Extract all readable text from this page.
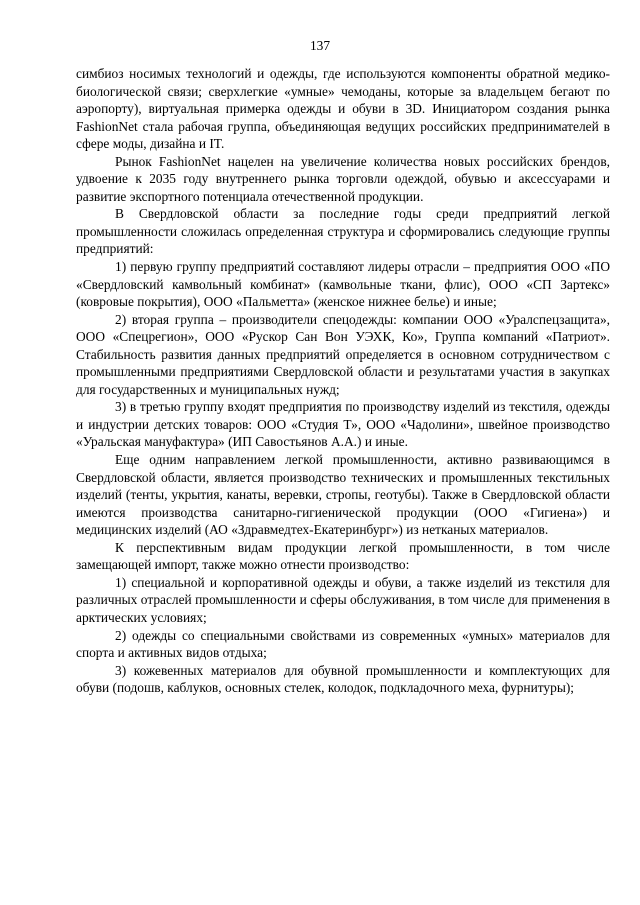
137

симбиоз носимых технологий и одежды, где используются компоненты обратной медико-биологической связи; сверхлегкие «умные» чемоданы, которые за владельцем бегают по аэропорту), виртуальная примерка одежды и обуви в 3D. Инициатором создания рынка FashionNet стала рабочая группа, объединяющая ведущих российских предпринимателей в сфере моды, дизайна и IT.

Рынок FashionNet нацелен на увеличение количества новых российских брендов, удвоение к 2035 году внутреннего рынка торговли одеждой, обувью и аксессуарами и развитие экспортного потенциала отечественной продукции.

В Свердловской области за последние годы среди предприятий легкой промышленности сложилась определенная структура и сформировались следующие группы предприятий:

1) первую группу предприятий составляют лидеры отрасли – предприятия ООО «ПО «Свердловский камвольный комбинат» (камвольные ткани, флис), ООО «СП Зартекс» (ковровые покрытия), ООО «Пальметта» (женское нижнее белье) и иные;

2) вторая группа – производители спецодежды: компании ООО «Уралспецзащита», ООО «Спецрегион», ООО «Рускор Сан Вон УЭХК, Ко», Группа компаний «Патриот». Стабильность развития данных предприятий определяется в основном сотрудничеством с промышленными предприятиями Свердловской области и результатами участия в закупках для государственных и муниципальных нужд;

3) в третью группу входят предприятия по производству изделий из текстиля, одежды и индустрии детских товаров: ООО «Студия Т», ООО «Чадолини», швейное производство «Уральская мануфактура» (ИП Савостьянов А.А.) и иные.

Еще одним направлением легкой промышленности, активно развивающимся в Свердловской области, является производство технических и промышленных текстильных изделий (тенты, укрытия, канаты, веревки, стропы, геотубы). Также в Свердловской области имеются производства санитарно-гигиенической продукции (ООО «Гигиена») и медицинских изделий (АО «Здравмедтех-Екатеринбург») из нетканых материалов.

К перспективным видам продукции легкой промышленности, в том числе замещающей импорт, также можно отнести производство:

1) специальной и корпоративной одежды и обуви, а также изделий из текстиля для различных отраслей промышленности и сферы обслуживания, в том числе для применения в арктических условиях;

2) одежды со специальными свойствами из современных «умных» материалов для спорта и активных видов отдыха;

3) кожевенных материалов для обувной промышленности и комплектующих для обуви (подошв, каблуков, основных стелек, колодок, подкладочного меха, фурнитуры);
